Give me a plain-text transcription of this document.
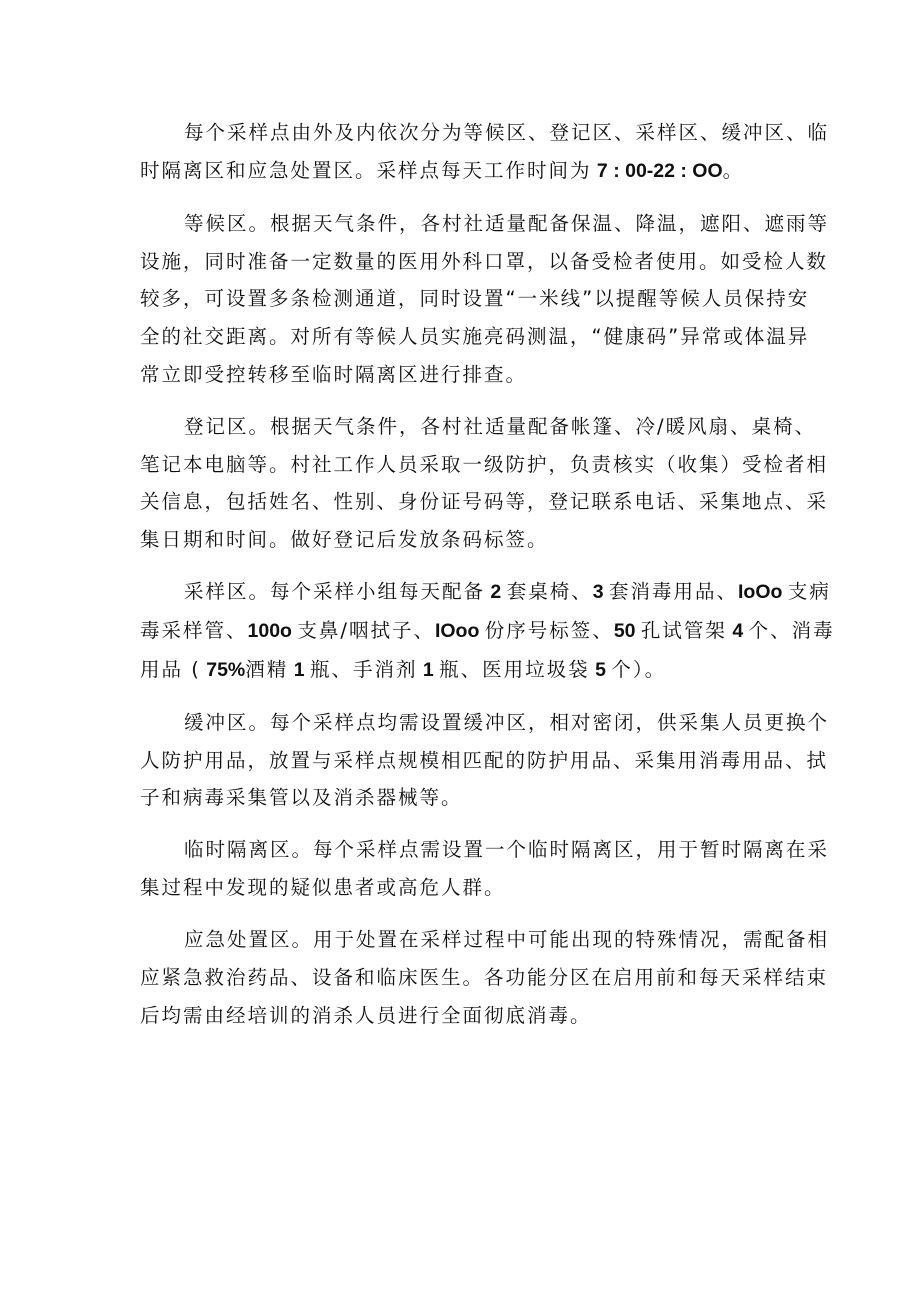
每个采样点由外及内依次分为等候区、登记区、采样区、缓冲区、临
时隔离区和应急处置区。采样点每天工作时间为 7 : 00-22 : OO。

等候区。根据天气条件，各村社适量配备保温、降温，遮阳、遮雨等
设施，同时准备一定数量的医用外科口罩，以备受检者使用。如受检人数
较多，可设置多条检测通道，同时设置“一米线”以提醒等候人员保持安
全的社交距离。对所有等候人员实施亮码测温，“健康码”异常或体温异
常立即受控转移至临时隔离区进行排查。

登记区。根据天气条件，各村社适量配备帐篷、冷/暖风扇、桌椅、
笔记本电脑等。村社工作人员采取一级防护，负责核实（收集）受检者相
关信息，包括姓名、性别、身份证号码等，登记联系电话、采集地点、采
集日期和时间。做好登记后发放条码标签。

采样区。每个采样小组每天配备 2 套桌椅、3 套消毒用品、IoOo 支病
毒采样管、100o 支鼻/咽拭子、IOoo 份序号标签、50 孔试管架 4 个、消毒
用品 ( 75%酒精 1 瓶、手消剂 1 瓶、医用垃圾袋 5 个）。

缓冲区。每个采样点均需设置缓冲区，相对密闭，供采集人员更换个
人防护用品，放置与采样点规模相匹配的防护用品、采集用消毒用品、拭
子和病毒采集管以及消杀器械等。

临时隔离区。每个采样点需设置一个临时隔离区，用于暂时隔离在采
集过程中发现的疑似患者或高危人群。

应急处置区。用于处置在采样过程中可能出现的特殊情况，需配备相
应紧急救治药品、设备和临床医生。各功能分区在启用前和每天采样结束
后均需由经培训的消杀人员进行全面彻底消毒。
